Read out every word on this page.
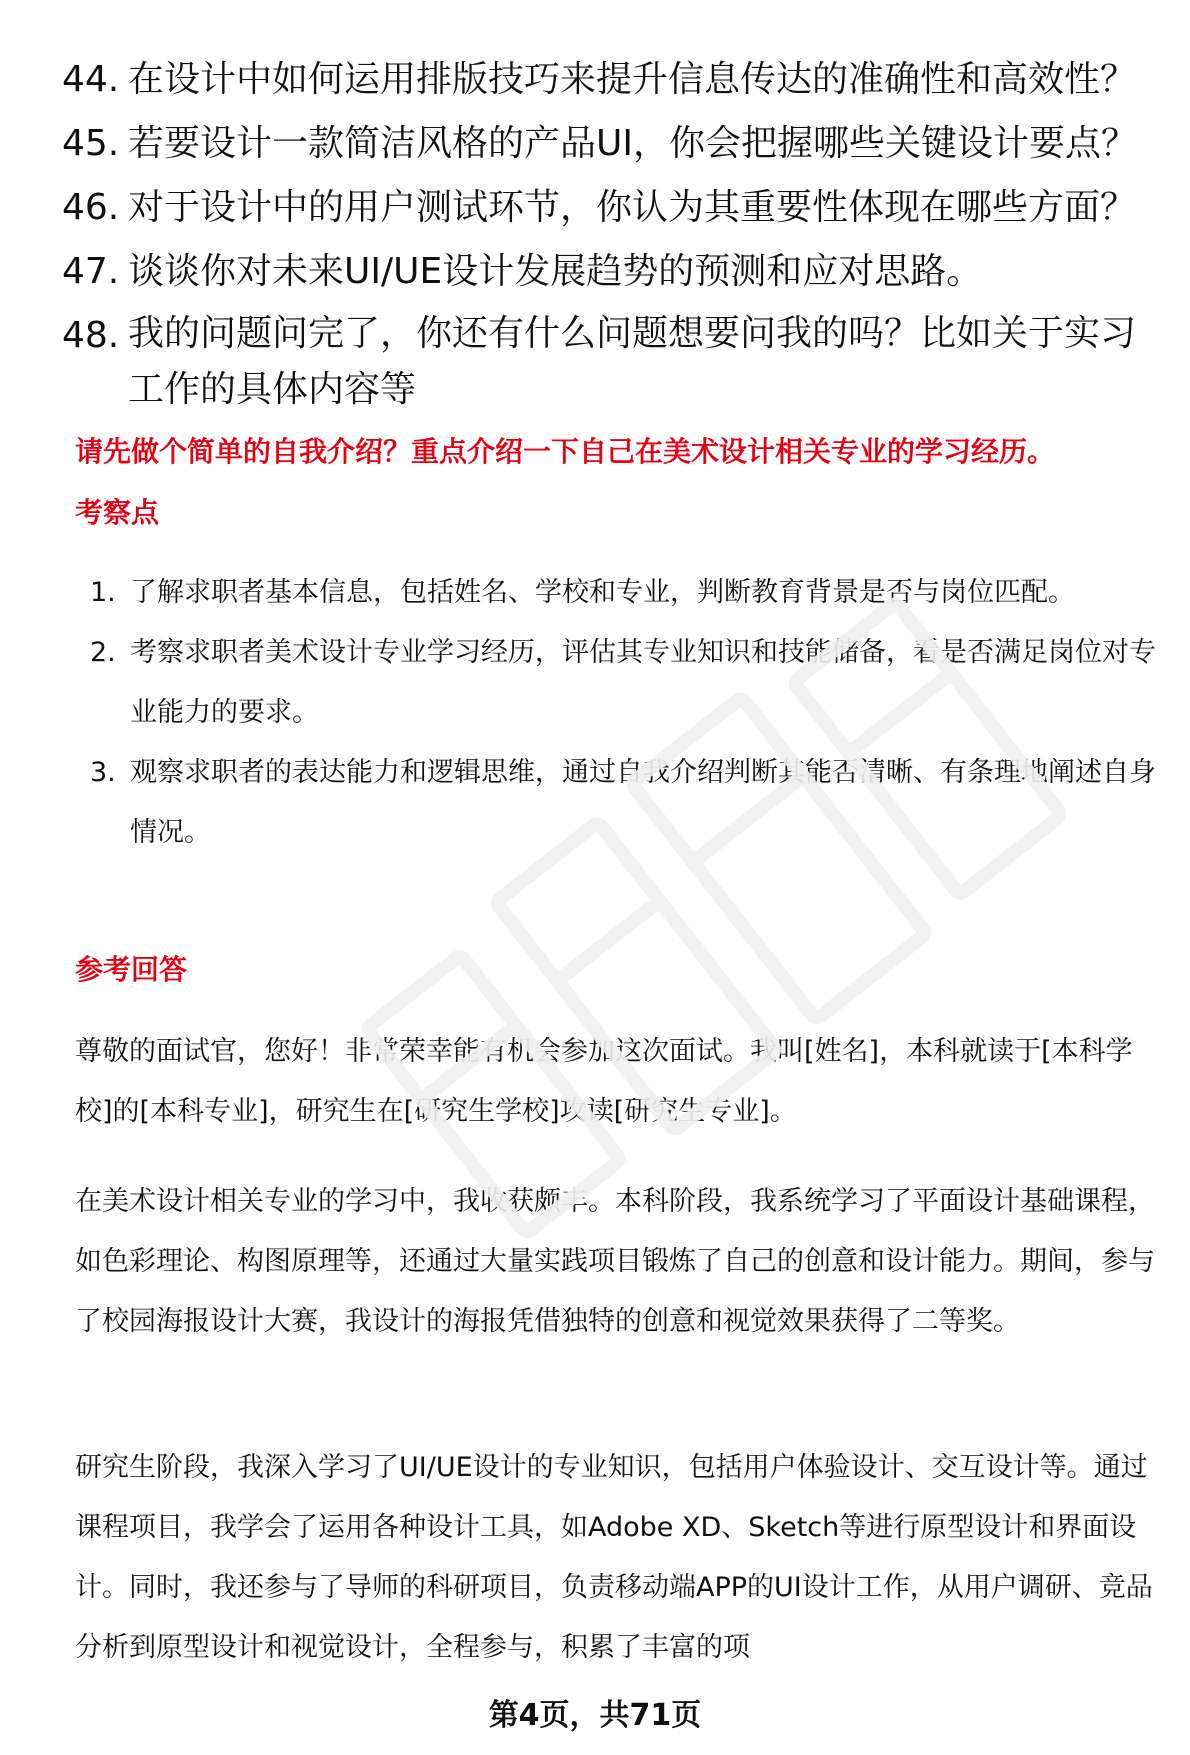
44. 在设计中如何运用排版技巧来提升信息传达的准确性和高效性？
45. 若要设计一款简洁风格的产品UI，你会把握哪些关键设计要点？
46. 对于设计中的用户测试环节，你认为其重要性体现在哪些方面？
47. 谈谈你对未来UI/UE设计发展趋势的预测和应对思路。
48. 我的问题问完了，你还有什么问题想要问我的吗？比如关于实习工作的具体内容等
请先做个简单的自我介绍？重点介绍一下自己在美术设计相关专业的学习经历。
考察点
1. 了解求职者基本信息，包括姓名、学校和专业，判断教育背景是否与岗位匹配。
2. 考察求职者美术设计专业学习经历，评估其专业知识和技能储备，看是否满足岗位对专业能力的要求。
3. 观察求职者的表达能力和逻辑思维，通过自我介绍判断其能否清晰、有条理地阐述自身情况。
参考回答
尊敬的面试官，您好！非常荣幸能有机会参加这次面试。我叫[姓名]，本科就读于[本科学校]的[本科专业]，研究生在[研究生学校]攻读[研究生专业]。
在美术设计相关专业的学习中，我收获颇丰。本科阶段，我系统学习了平面设计基础课程，如色彩理论、构图原理等，还通过大量实践项目锻炼了自己的创意和设计能力。期间，参与了校园海报设计大赛，我设计的海报凭借独特的创意和视觉效果获得了二等奖。
研究生阶段，我深入学习了UI/UE设计的专业知识，包括用户体验设计、交互设计等。通过课程项目，我学会了运用各种设计工具，如Adobe XD、Sketch等进行原型设计和界面设计。同时，我还参与了导师的科研项目，负责移动端APP的UI设计工作，从用户调研、竞品分析到原型设计和视觉设计，全程参与，积累了丰富的项
第4页，共71页
